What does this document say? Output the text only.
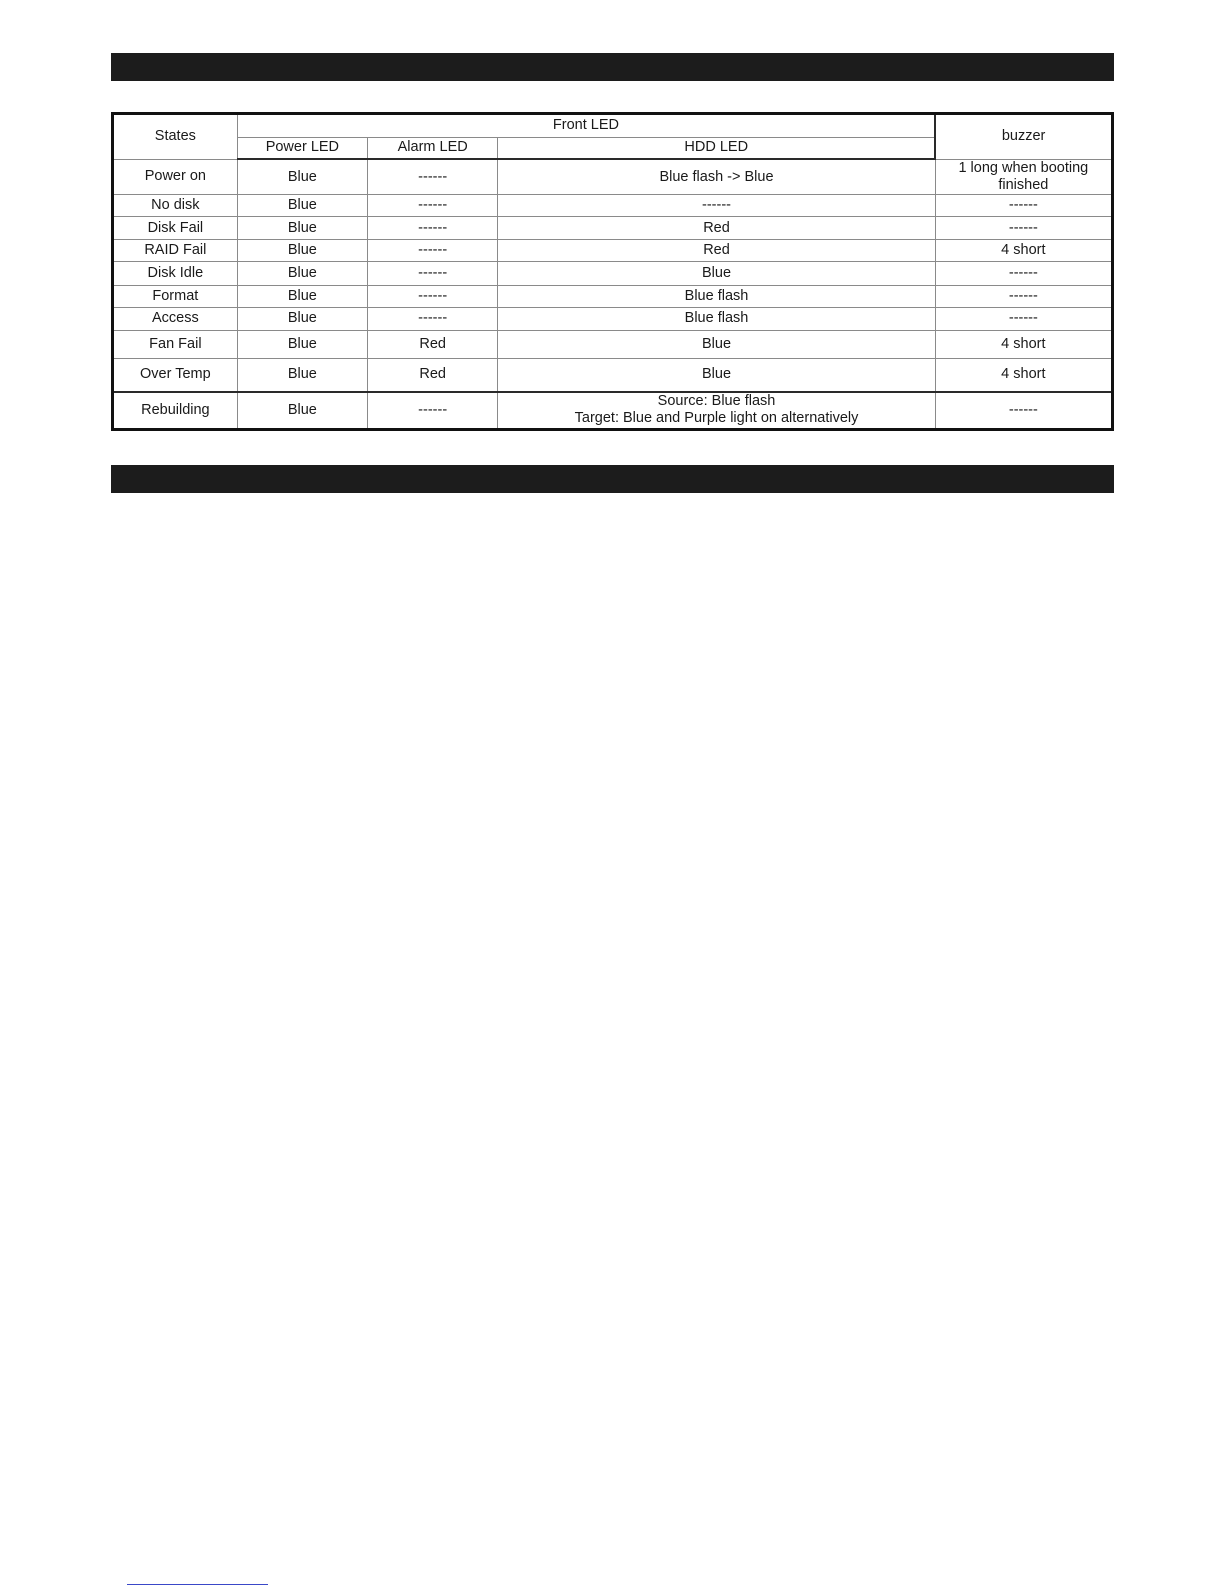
States	Front LED			buzzer
	Power LED	Alarm LED	HDD LED	
Power on	Blue	------	Blue flash -> Blue	1 long when booting
finished

No disk	Blue	------	------	------
Disk Fail	Blue	------	Red	------
RAID Fail	Blue	------	Red	4 short
Disk Idle	Blue	------	Blue	------
Format	Blue	------	Blue flash	------
Access	Blue	------	Blue flash	------
Fan Fail	Blue	Red	Blue	4 short
Over Temp	Blue	Red	Blue	4 short
Rebuilding	Blue	------	Source: Blue flash
Target: Blue and Purple light on alternatively	------
